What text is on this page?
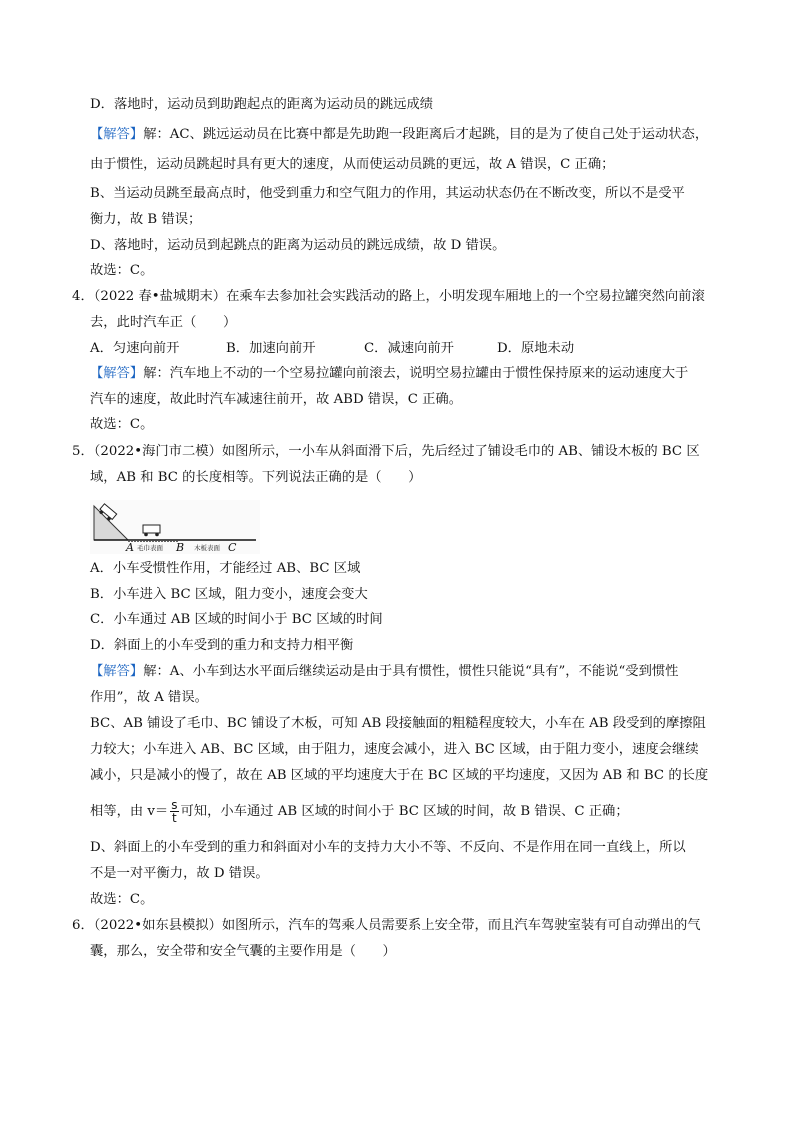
D．落地时，运动员到助跑起点的距离为运动员的跳远成绩
【解答】解：AC、跳远运动员在比赛中都是先助跑一段距离后才起跳，目的是为了使自己处于运动状态，
由于惯性，运动员跳起时具有更大的速度，从而使运动员跳的更远，故 A 错误，C 正确；
B、当运动员跳至最高点时，他受到重力和空气阻力的作用，其运动状态仍在不断改变，所以不是受平
衡力，故 B 错误；
D、落地时，运动员到起跳点的距离为运动员的跳远成绩，故 D 错误。
故选：C。
4．（2022 春•盐城期末）在乘车去参加社会实践活动的路上，小明发现车厢地上的一个空易拉罐突然向前滚
去，此时汽车正（　　）
A．匀速向前开	B．加速向前开	C．减速向前开	D．原地未动
【解答】解：汽车地上不动的一个空易拉罐向前滚去，说明空易拉罐由于惯性保持原来的运动速度大于
汽车的速度，故此时汽车减速往前开，故 ABD 错误，C 正确。
故选：C。
5．（2022•海门市二模）如图所示，一小车从斜面滑下后，先后经过了铺设毛巾的 AB、铺设木板的 BC 区
域，AB 和 BC 的长度相等。下列说法正确的是（　　）
A 毛巾表面 B 木板表面 C
A．小车受惯性作用，才能经过 AB、BC 区域
B．小车进入 BC 区域，阻力变小，速度会变大
C．小车通过 AB 区域的时间小于 BC 区域的时间
D．斜面上的小车受到的重力和支持力相平衡
【解答】解：A、小车到达水平面后继续运动是由于具有惯性，惯性只能说“具有”，不能说“受到惯性
作用”，故 A 错误。
BC、AB 铺设了毛巾、BC 铺设了木板，可知 AB 段接触面的粗糙程度较大，小车在 AB 段受到的摩擦阻
力较大；小车进入 AB、BC 区域，由于阻力，速度会减小，进入 BC 区域，由于阻力变小，速度会继续
减小，只是减小的慢了，故在 AB 区域的平均速度大于在 BC 区域的平均速度，又因为 AB 和 BC 的长度
相等，由 $v= \frac{s}{t}$ 可知，小车通过 AB 区域的时间小于 BC 区域的时间，故 B 错误、C 正确；
D、斜面上的小车受到的重力和斜面对小车的支持力大小不等、不反向、不是作用在同一直线上，所以
不是一对平衡力，故 D 错误。
故选：C。
6．（2022•如东县模拟）如图所示，汽车的驾乘人员需要系上安全带，而且汽车驾驶室装有可自动弹出的气
囊，那么，安全带和安全气囊的主要作用是（　　）
